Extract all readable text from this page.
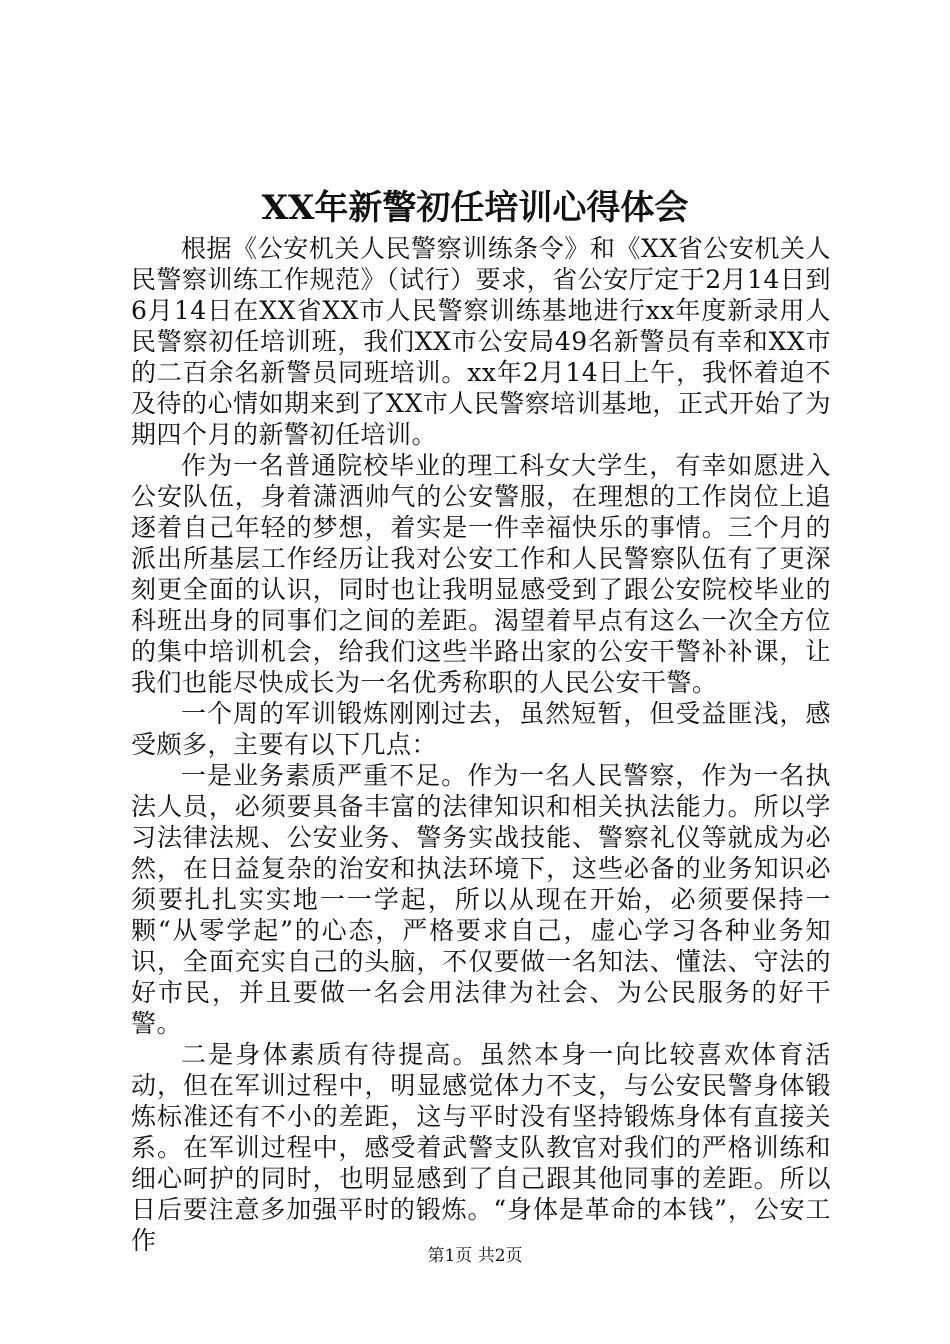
XX年新警初任培训心得体会

根据《公安机关人民警察训练条令》和《XX省公安机关人民警察训练工作规范》（试行）要求，省公安厅定于2月14日到6月14日在XX省XX市人民警察训练基地进行xx年度新录用人民警察初任培训班，我们XX市公安局49名新警员有幸和XX市的二百余名新警员同班培训。xx年2月14日上午，我怀着迫不及待的心情如期来到了XX市人民警察培训基地，正式开始了为期四个月的新警初任培训。

作为一名普通院校毕业的理工科女大学生，有幸如愿进入公安队伍，身着潇洒帅气的公安警服，在理想的工作岗位上追逐着自己年轻的梦想，着实是一件幸福快乐的事情。三个月的派出所基层工作经历让我对公安工作和人民警察队伍有了更深刻更全面的认识，同时也让我明显感受到了跟公安院校毕业的科班出身的同事们之间的差距。渴望着早点有这么一次全方位的集中培训机会，给我们这些半路出家的公安干警补补课，让我们也能尽快成长为一名优秀称职的人民公安干警。

一个周的军训锻炼刚刚过去，虽然短暂，但受益匪浅，感受颇多，主要有以下几点：

一是业务素质严重不足。作为一名人民警察，作为一名执法人员，必须要具备丰富的法律知识和相关执法能力。所以学习法律法规、公安业务、警务实战技能、警察礼仪等就成为必然，在日益复杂的治安和执法环境下，这些必备的业务知识必须要扎扎实实地一一学起，所以从现在开始，必须要保持一颗“从零学起”的心态，严格要求自己，虚心学习各种业务知识，全面充实自己的头脑，不仅要做一名知法、懂法、守法的好市民，并且要做一名会用法律为社会、为公民服务的好干警。

二是身体素质有待提高。虽然本身一向比较喜欢体育活动，但在军训过程中，明显感觉体力不支，与公安民警身体锻炼标准还有不小的差距，这与平时没有坚持锻炼身体有直接关系。在军训过程中，感受着武警支队教官对我们的严格训练和细心呵护的同时，也明显感到了自己跟其他同事的差距。所以日后要注意多加强平时的锻炼。“身体是革命的本钱”，公安工作

第1页 共2页
